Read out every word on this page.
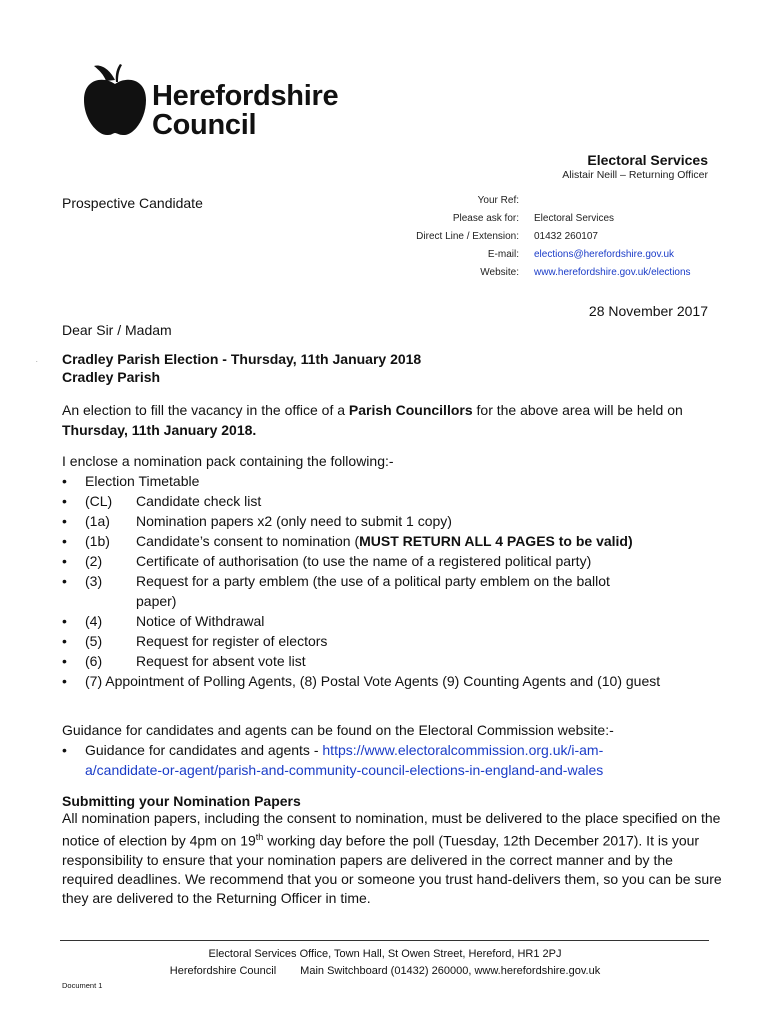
Herefordshire
Council
Electoral Services
Alistair Neill – Returning Officer
Prospective Candidate	Your Ref:
Please ask for: Electoral Services
Direct Line / Extension: 01432 260107
E-mail: elections@herefordshire.gov.uk
Website: www.herefordshire.gov.uk/elections
28 November 2017
.
Dear Sir / Madam
Cradley Parish Election - Thursday, 11th January 2018
Cradley Parish
An election to fill the vacancy in the office of a Parish Councillors for the above area will be held on Thursday, 11th January 2018.
I enclose a nomination pack containing the following:-
• Election Timetable
• (CL) Candidate check list
• (1a) Nomination papers x2 (only need to submit 1 copy)
• (1b) Candidate’s consent to nomination (MUST RETURN ALL 4 PAGES to be valid)
• (2) Certificate of authorisation (to use the name of a registered political party)
• (3) Request for a party emblem (the use of a political party emblem on the ballot
paper)
• (4) Notice of Withdrawal
• (5) Request for register of electors
• (6) Request for absent vote list
• (7) Appointment of Polling Agents, (8) Postal Vote Agents (9) Counting Agents and (10) guest
Guidance for candidates and agents can be found on the Electoral Commission website:-
• Guidance for candidates and agents - https://www.electoralcommission.org.uk/i-am-
a/candidate-or-agent/parish-and-community-council-elections-in-england-and-wales
Submitting your Nomination Papers
All nomination papers, including the consent to nomination, must be delivered to the place specified on the notice of election by 4pm on 19th working day before the poll (Tuesday, 12th December 2017). It is your responsibility to ensure that your nomination papers are delivered in the correct manner and by the required deadlines. We recommend that you or someone you trust hand-delivers them, so you can be sure they are delivered to the Returning Officer in time.
Electoral Services Office, Town Hall, St Owen Street, Hereford, HR1 2PJ
Herefordshire Council Main Switchboard (01432) 260000, www.herefordshire.gov.uk
Document 1
